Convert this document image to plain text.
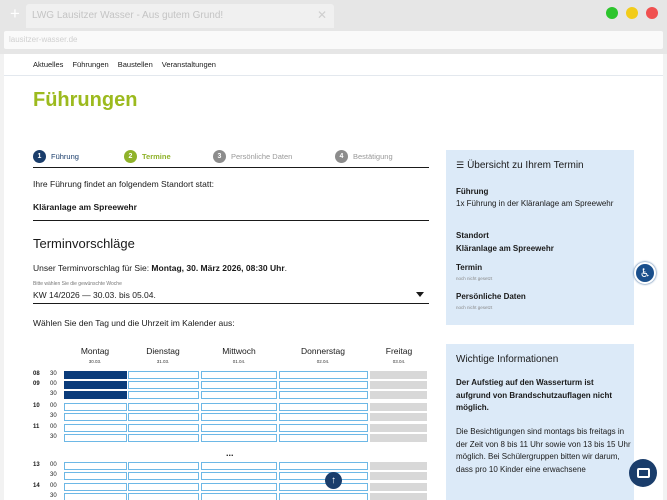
+ LWG Lausitzer Wasser - Aus gutem Grund!	✕
lausitzer-wasser.de
Aktuelles Führungen Baustellen Veranstaltungen
Führungen
1	Führung	2	Termine	3	Persönliche Daten	4	Bestätigung
Ihre Führung findet an folgendem Standort statt:
Kläranlage am Spreewehr
Terminvorschläge
Unser Terminvorschlag für Sie: Montag, 30. März 2026, 08:30 Uhr.
Bitte wählen Sie die gewünschte Woche
KW 14/2026 — 30.03. bis 05.04.
Wählen Sie den Tag und die Uhrzeit im Kalender aus:
Montag
30.03.
Dienstag
31.03.
Mittwoch
01.04.
Donnerstag
02.04.
Freitag
03.04.
08 30
09 00
30
10 00
30
11 00
30
13 00
30
14 00
30
...
↑
☰ Übersicht zu Ihrem Termin
Führung
1x Führung in der Kläranlage am Spreewehr
Standort
Kläranlage am Spreewehr
Termin
noch nicht gesetzt
Persönliche Daten
noch nicht gesetzt
Wichtige Informationen
Der Aufstieg auf den Wasserturm ist aufgrund von Brandschutzauflagen nicht möglich.
Die Besichtigungen sind montags bis freitags in der Zeit von 8 bis 11 Uhr sowie von 13 bis 15 Uhr möglich. Bei Schülergruppen bitten wir darum, dass pro 10 Kinder eine erwachsene
♿
